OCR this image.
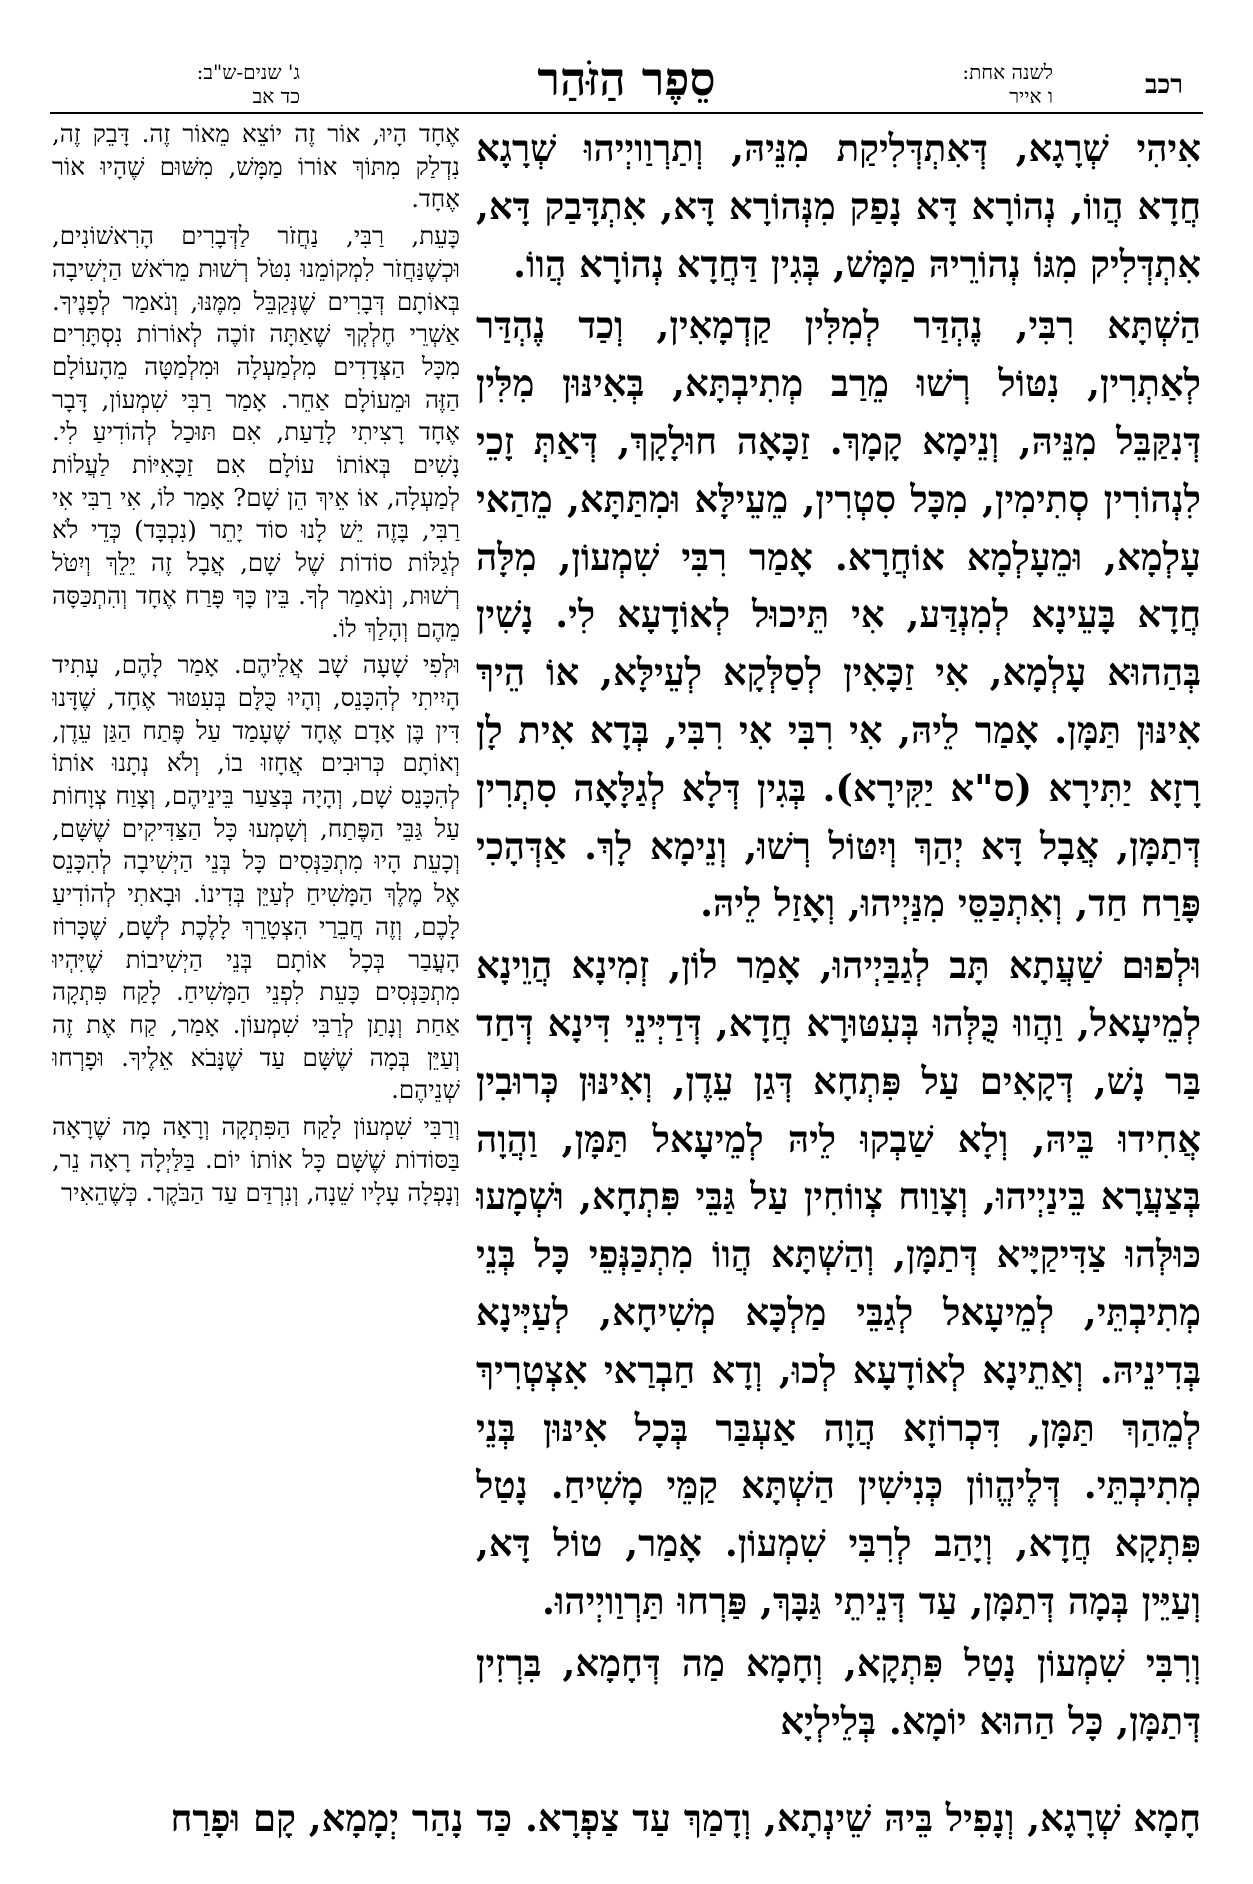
רכב
לשנה אחת:
ו אייר
סֵפֶר הַזֹּהַר
ג' שנים-ש"ב:
כד אב

אִיהִי שְׁרָגָא, דְּאִתְדְּלִיקַת מִנֵּיהּ, וְתַרְוַויְיהוּ שְׁרָגָא חֲדָא הֲווֹ, נְהוֹרָא דָּא נָפַק מִנְּהוֹרָא דָּא, אִתְדָּבַק דָּא, אִתְדְּלִיק מִגּוֹ נְהוֹרֵיהּ מַמָּשׁ, בְּגִין דַּחֲדָא נְהוֹרָא הֲווֹ.

הַשְׁתָּא רִבִּי, נֶהְדַּר לְמִלִּין קַדְמָאִין, וְכַד נֶהְדַּר לְאַתְרִין, נִטּוֹל רְשׁוּ מֵרַב מְתִיבְתָּא, בְּאִינּוּן מִלִּין דְּנִקַּבֵּל מִנֵּיהּ, וְנֵימָא קָמָךְ. זַכָּאָה חוּלָקָךְ, דְּאַתְּ זָכֵי לִנְהוֹרִין סְתִימִין, מִכָּל סִטְרִין, מֵעֵילָּא וּמִתַּתָּא, מֵהַאי עָלְמָא, וּמֵעָלְמָא אוֹחֲרָא. אָמַר רִבִּי שִׁמְעוֹן, מִלָּה חֲדָא בָּעֵינָא לְמִנְדַּע, אִי תֵּיכוּל לְאוֹדָעָא לִי. נָשִׁין בְּהַהוּא עָלְמָא, אִי זַכָּאִין לְסַלְּקָא לְעֵילָּא, אוֹ הֵיךְ אִינּוּן תַּמָּן. אָמַר לֵיהּ, אִי רִבִּי אִי רִבִּי, בְּדָא אִית לָן רָזָא יַתִּירָא (ס"א יַקִּירָא). בְּגִין דְּלָא לְגַלָּאָה סִתְרִין דְּתַמָּן, אֲבָל דָּא יְהַךְ וְיִטּוֹל רְשׁוּ, וְנֵימָא לָךְ. אַדְּהָכִי פָּרַח חַד, וְאִתְכַּסֵּי מִנַּיְיהוּ, וְאָזַל לֵיהּ.

וּלְפוּם שַׁעֲתָא תָּב לְגַבַּיְיהוּ, אָמַר לוֹן, זְמִינָא הֲוֵינָא לְמֵיעָאל, וַהֲווּ כֻּלְּהוּ בְּעִטּוּרָא חֲדָא, דְּדַיְּינֵי דִּינָא דְּחַד בַּר נָשׁ, דְּקָאִים עַל פִּתְחָא דְּגַן עֵדֶן, וְאִינּוּן כְּרוּבִין אֲחִידוּ בֵּיהּ, וְלָא שַׁבְקוּ לֵיהּ לְמֵיעָאל תַּמָּן, וַהֲוָה בְּצַעֲרָא בֵּינַיְיהוּ, וְצָוַוח צְווֹחִין עַל גַּבֵּי פִּתְחָא, וּשְׁמָעוּ כּוּלְּהוּ צַדִּיקַיָּיא דְּתַמָּן, וְהַשְׁתָּא הֲווֹ מִתְכַּנְּפֵי כָּל בְּנֵי מְתִיבְתֵּי, לְמֵיעָאל לְגַבֵּי מַלְכָּא מְשִׁיחָא, לְעַיְּינָא בְּדִינֵיהּ. וְאַתֵינָא לְאוֹדָעָא לְכוּ, וְדָא חַבְרַאי אִצְטְרִיךְ לְמֵהַךְ תַּמָּן, דִּכְרוֹזָא הֲוָה אַעְבַּר בְּכָל אִינּוּן בְּנֵי מְתִיבְתֵּי. דְּלֶיהֱווֹן כְּנִישִׁין הַשְׁתָּא קַמֵּי מָשִׁיחַ. נָטַל פִּתְקָא חֲדָא, וְיָהַב לְרִבִּי שִׁמְעוֹן. אָמַר, טוֹל דָּא, וְעַיֵּין בְּמָה דְּתַמָּן, עַד דְּנֵיתֵי גַּבָּךְ, פַּרְחוּ תַּרְוַויְיהוּ.

וְרִבִּי שִׁמְעוֹן נָטַל פִּתְקָא, וְחָמָא מַה דְּחָמָא, בִּרְזִין דְּתַמָּן, כָּל הַהוּא יוֹמָא. בְּלֵילְיָא

אֶחָד הָיוּ, אוֹר זֶה יוֹצֵא מֵאוֹר זֶה. דָּבֵק זֶה, נִדְלַק מִתּוֹךְ אוֹרוֹ מַמָּשׁ, מִשּׁוּם שֶׁהָיוּ אוֹר אֶחָד.

כָּעֵת, רַבִּי, נַחֲזֹר לַדְּבָרִים הָרִאשׁוֹנִים, וּכְשֶׁנַּחֲזֹר לִמְקוֹמֵנוּ נִטֹּל רְשׁוּת מֵרֹאשׁ הַיְשִׁיבָה בְּאוֹתָם דְּבָרִים שֶׁנְּקַבֵּל מִמֶּנּוּ, וְנֹאמַר לְפָנֶיךָ. אַשְׁרֵי חֶלְקְךָ שֶׁאַתָּה זוֹכֶה לְאוֹרוֹת נִסְתָּרִים מִכָּל הַצְּדָדִים מִלְמַעְלָה וּמִלְמַטָּה מֵהָעוֹלָם הַזֶּה וּמֵעוֹלָם אַחֵר. אָמַר רַבִּי שִׁמְעוֹן, דָּבָר אֶחָד רָצִיתִי לָדַעַת, אִם תּוּכַל לְהוֹדִיעַ לִי. נָשִׁים בְּאוֹתוֹ עוֹלָם אִם זַכָּאִיּוֹת לַעֲלוֹת לְמַעְלָה, אוֹ אֵיךְ הֵן שָׁם? אָמַר לוֹ, אִי רַבִּי אִי רַבִּי, בָּזֶה יֵשׁ לָנוּ סוֹד יָתֵר (נִכְבָּד) כְּדֵי לֹא לְגַלּוֹת סוֹדוֹת שֶׁל שָׁם, אֲבָל זֶה יֵלֵךְ וְיִטֹּל רְשׁוּת, וְנֹאמַר לְךָ. בֵּין כָּךְ פָּרַח אֶחָד וְהִתְכַּסָּה מֵהֶם וְהָלַךְ לוֹ.

וּלְפִי שָׁעָה שָׁב אֲלֵיהֶם. אָמַר לָהֶם, עָתִיד הָיִיתִי לְהִכָּנֵס, וְהָיוּ כֻּלָּם בְּעִטּוּר אֶחָד, שֶׁדָּנוּ דִּין בֶּן אָדָם אֶחָד שֶׁעָמַד עַל פֶּתַח הַגַּן עֵדֶן, וְאוֹתָם כְּרוּבִים אֲחָזוּ בוֹ, וְלֹא נְתָנוּ אוֹתוֹ לְהִכָּנֵס שָׁם, וְהָיָה בְּצַעַר בֵּינֵיהֶם, וְצָוַח צְוָחוֹת עַל גַּבֵּי הַפֶּתַח, וְשָׁמְעוּ כָּל הַצַּדִּיקִים שֶׁשָּׁם, וְכָעֵת הָיוּ מִתְכַּנְּסִים כָּל בְּנֵי הַיְשִׁיבָה לְהִכָּנֵס אֶל מֶלֶךְ הַמָּשִׁיחַ לְעַיֵּן בְּדִינוֹ. וּבָאתִי לְהוֹדִיעַ לָכֶם, וְזֶה חֲבֵרַי הִצְטָרֵךְ לָלֶכֶת לְשָׁם, שֶׁכָּרוֹז הָעֳבַר בְּכָל אוֹתָם בְּנֵי הַיְשִׁיבוֹת שֶׁיִּהְיוּ מִתְכַּנְּסִים כָּעֵת לִפְנֵי הַמָּשִׁיחַ. לָקַח פִּתְקָה אַחַת וְנָתַן לְרַבִּי שִׁמְעוֹן. אָמַר, קַח אֶת זֶה וְעַיֵּן בְּמָה שֶׁשָּׁם עַד שֶׁנָּבֹא אֵלֶיךָ. וּפָרְחוּ שְׁנֵיהֶם.

וְרַבִּי שִׁמְעוֹן לָקַח הַפִּתְקָה וְרָאָה מָה שֶׁרָאָה בַּסּוֹדוֹת שֶׁשָּׁם כָּל אוֹתוֹ יוֹם. בַּלַּיְלָה רָאָה נֵר, וְנָפְלָה עָלָיו שֵׁנָה, וְנִרְדַּם עַד הַבֹּקֶר. כְּשֶׁהֵאִיר

חָמָא שְׁרָגָא, וְנָפִיל בֵּיהּ שֵׁינְתָא, וְדָמַךְ עַד צַפְרָא. כַּד נָהַר יְמָמָא, קָם וּפָרַח
